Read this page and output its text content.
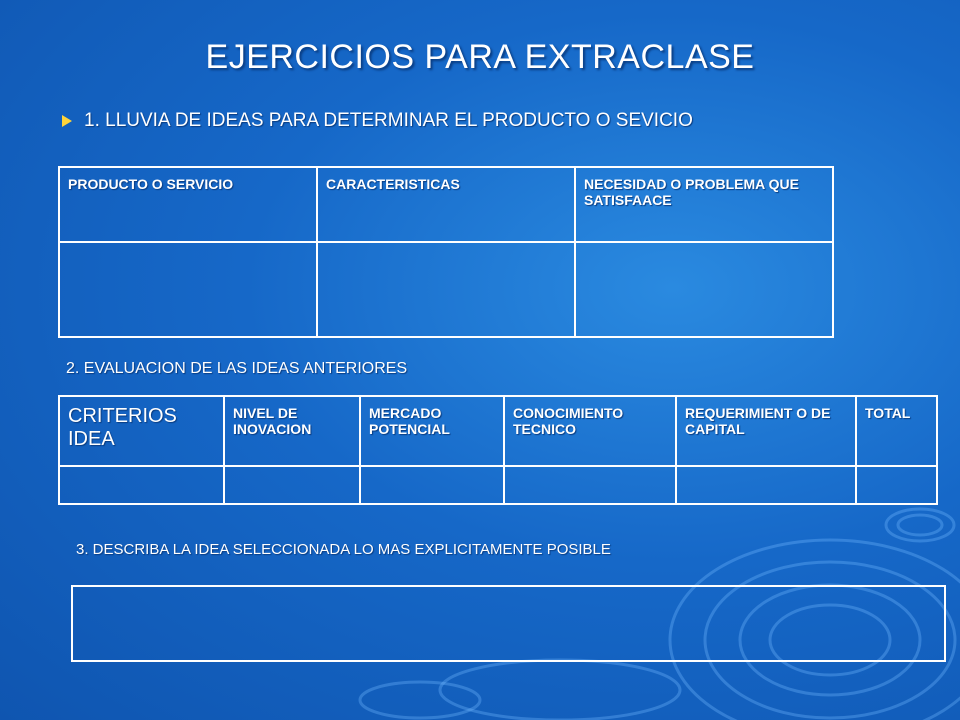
EJERCICIOS PARA EXTRACLASE
1. LLUVIA DE IDEAS PARA DETERMINAR EL PRODUCTO O SEVICIO
PRODUCTO O SERVICIO	CARACTERISTICAS	NECESIDAD O PROBLEMA QUE SATISFAACE

2. EVALUACION DE LAS IDEAS ANTERIORES
CRITERIOS IDEA	NIVEL DE INOVACION	MERCADO POTENCIAL	CONOCIMIENTO TECNICO	REQUERIMIENT O DE CAPITAL	TOTAL

3. DESCRIBA LA IDEA SELECCIONADA LO MAS EXPLICITAMENTE POSIBLE
